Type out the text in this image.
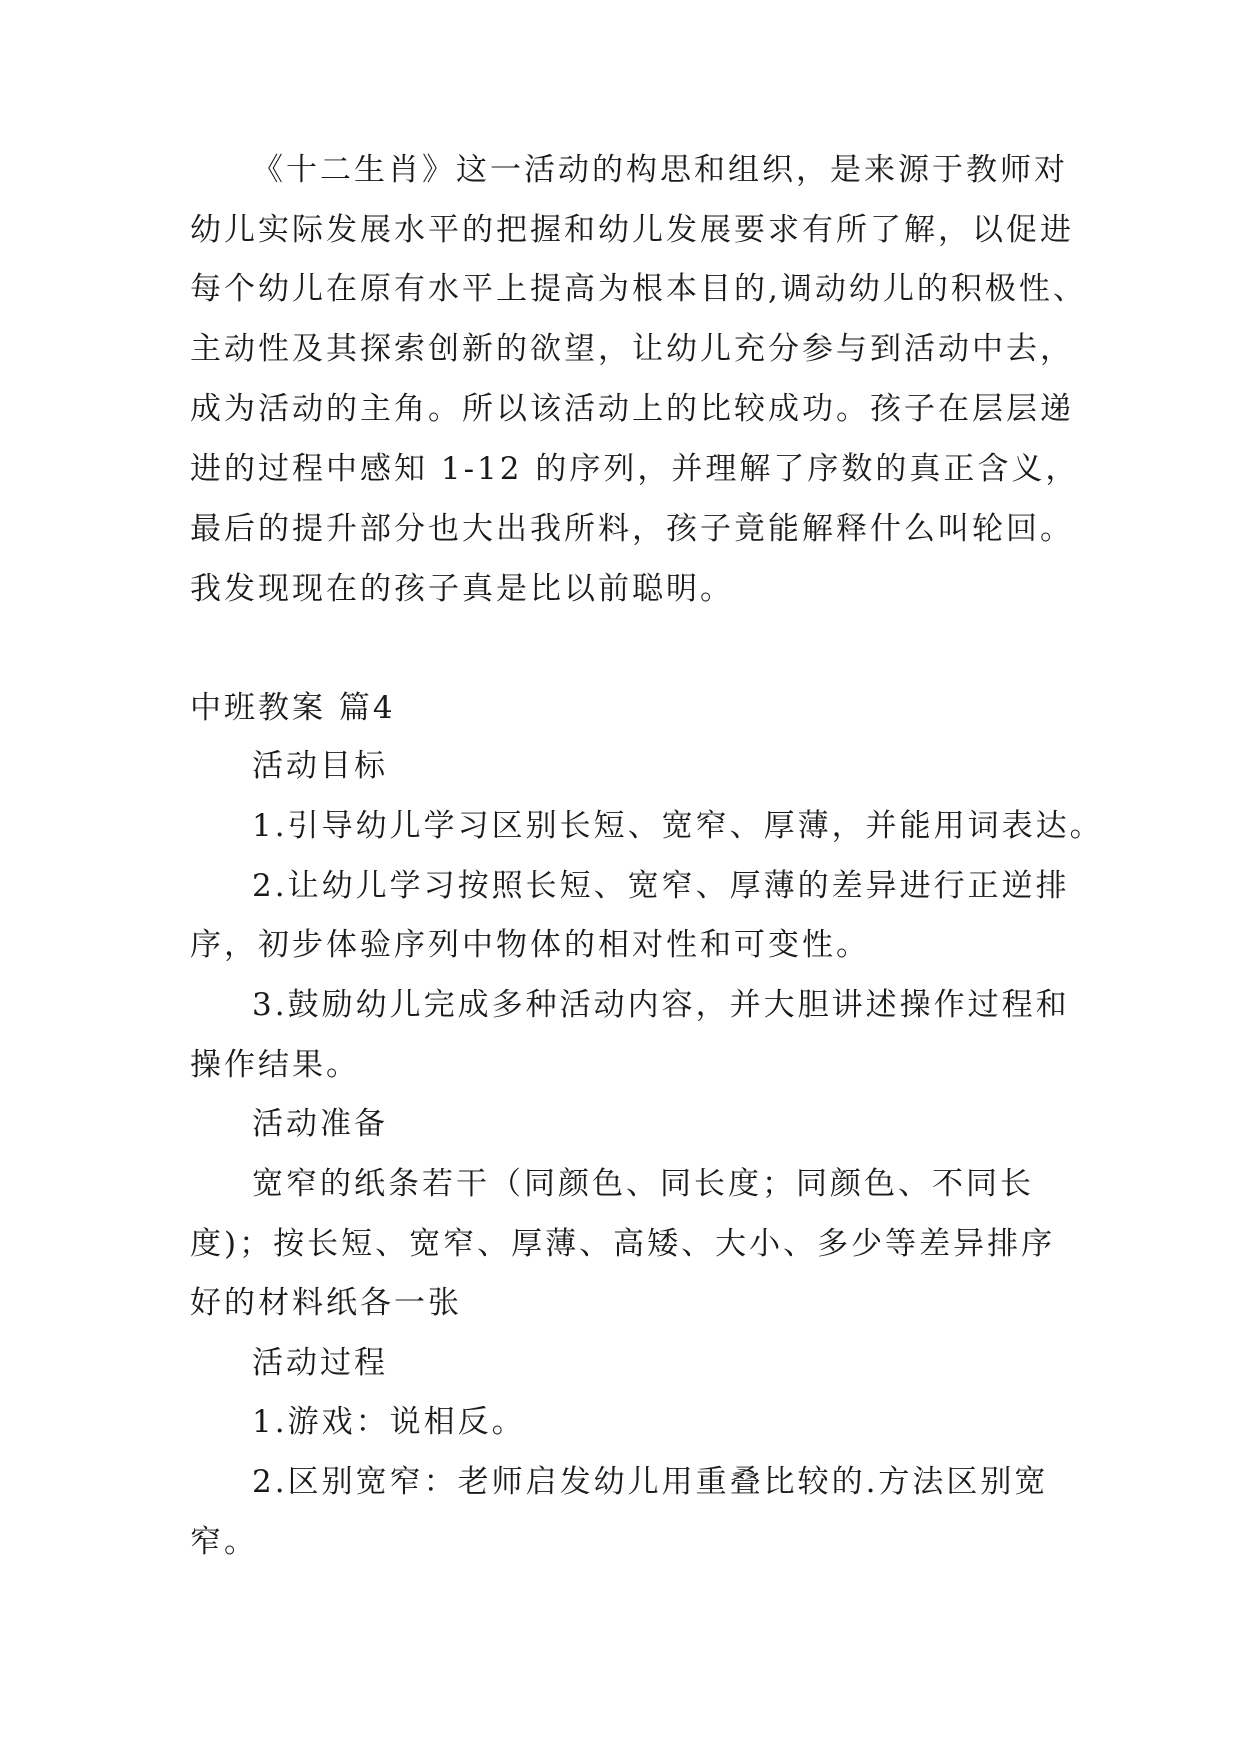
《十二生肖》这一活动的构思和组织，是来源于教师对
幼儿实际发展水平的把握和幼儿发展要求有所了解，以促进
每个幼儿在原有水平上提高为根本目的,调动幼儿的积极性、
主动性及其探索创新的欲望，让幼儿充分参与到活动中去，
成为活动的主角。所以该活动上的比较成功。孩子在层层递
进的过程中感知 1-12 的序列，并理解了序数的真正含义，
最后的提升部分也大出我所料，孩子竟能解释什么叫轮回。
我发现现在的孩子真是比以前聪明。
中班教案 篇4
活动目标
1.引导幼儿学习区别长短、宽窄、厚薄，并能用词表达。
2.让幼儿学习按照长短、宽窄、厚薄的差异进行正逆排
序，初步体验序列中物体的相对性和可变性。
3.鼓励幼儿完成多种活动内容，并大胆讲述操作过程和
操作结果。
活动准备
宽窄的纸条若干（同颜色、同长度；同颜色、不同长
度)；按长短、宽窄、厚薄、高矮、大小、多少等差异排序
好的材料纸各一张
活动过程
1.游戏：说相反。
2.区别宽窄：老师启发幼儿用重叠比较的.方法区别宽
窄。
